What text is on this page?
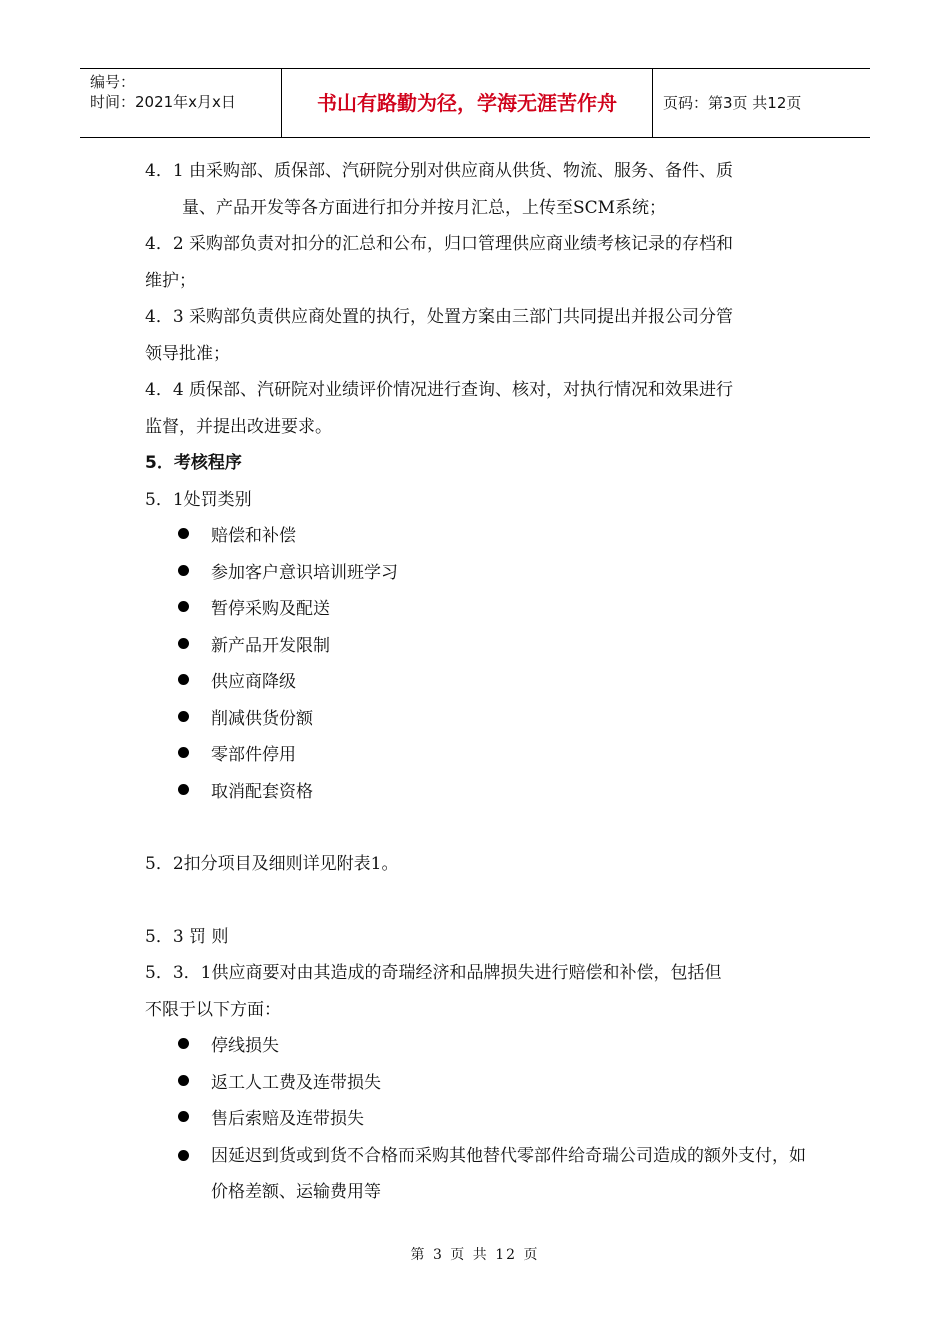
编号：
时间：2021年x月x日	书山有路勤为径，学海无涯苦作舟	页码：第3页 共12页
4．1 由采购部、质保部、汽研院分别对供应商从供货、物流、服务、备件、质
量、产品开发等各方面进行扣分并按月汇总，上传至SCM系统；
4．2 采购部负责对扣分的汇总和公布，归口管理供应商业绩考核记录的存档和
维护；
4．3 采购部负责供应商处置的执行，处置方案由三部门共同提出并报公司分管
领导批准；
4．4 质保部、汽研院对业绩评价情况进行查询、核对，对执行情况和效果进行
监督，并提出改进要求。
5．考核程序
5．1处罚类别
赔偿和补偿
参加客户意识培训班学习
暂停采购及配送
新产品开发限制
供应商降级
削减供货份额
零部件停用
取消配套资格
5．2扣分项目及细则详见附表1。
5．3 罚 则
5．3．1供应商要对由其造成的奇瑞经济和品牌损失进行赔偿和补偿，包括但
不限于以下方面：
停线损失
返工人工费及连带损失
售后索赔及连带损失
因延迟到货或到货不合格而采购其他替代零部件给奇瑞公司造成的额外支付，如价格差额、运输费用等
第 3 页 共 12 页
